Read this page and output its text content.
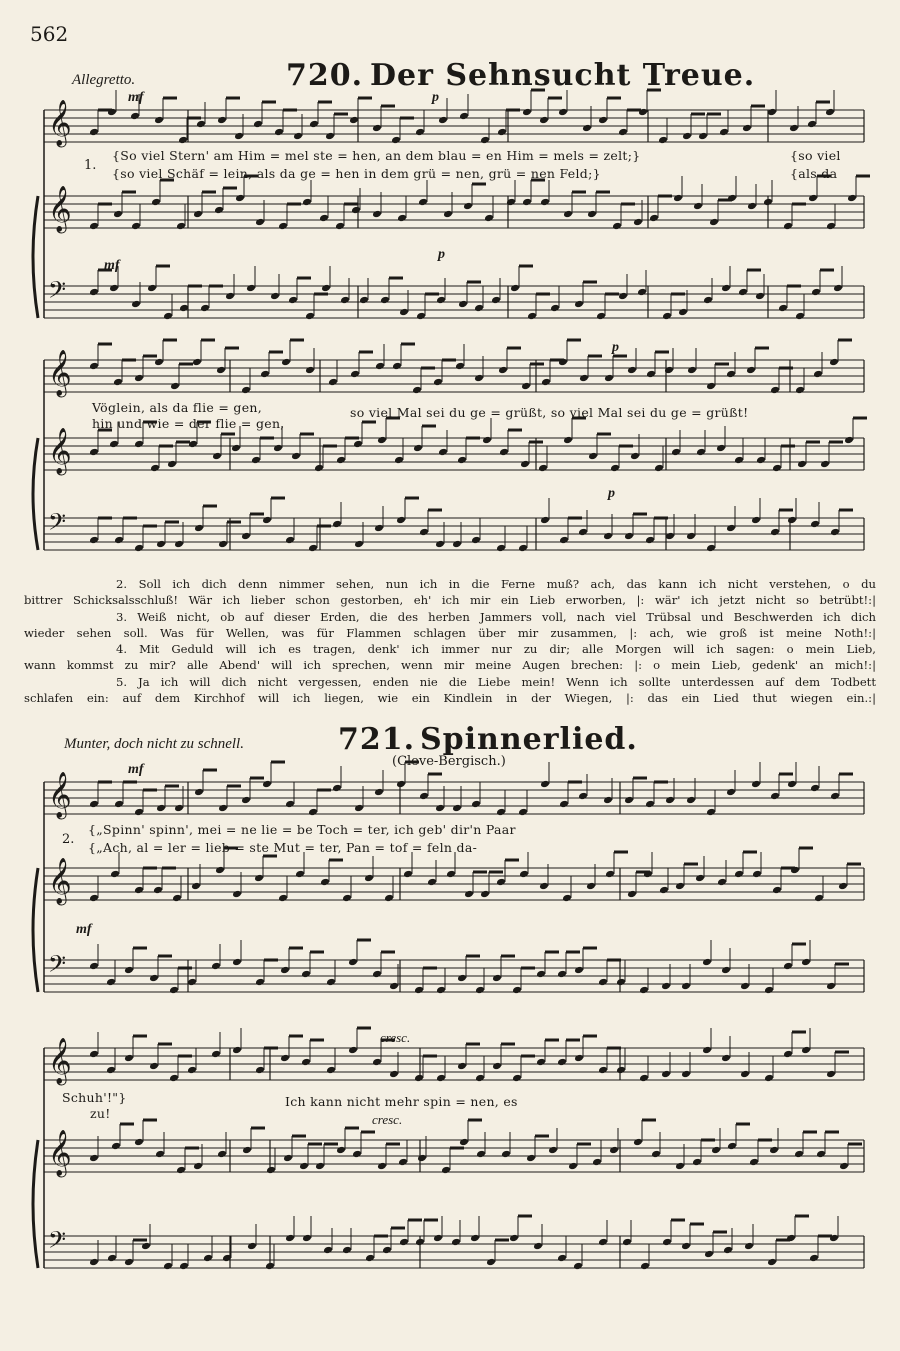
562
Allegretto.	720. Der Sehnsucht Treue.
mf	p
mf
p
p
p
1.
{So viel Stern' am Him = mel ste = hen, an dem blau = en Him = mels = zelt;}
{so viel Schäf = lein, als da ge = hen in dem grü = nen, grü = nen Feld;}
{so viel
{als da
Vöglein, als da flie = gen,
hin und wie = der flie = gen,
so viel Mal sei du ge = grüßt, so viel Mal sei du ge = grüßt!

2. Soll ich dich denn nimmer sehen, nun ich in die Ferne muß? ach, das kann ich nicht verstehen, o du

bittrer Schicksalsschluß! Wär ich lieber schon gestorben, eh' ich mir ein Lieb erworben, |: wär' ich jetzt nicht so betrübt!:|

3. Weiß nicht, ob auf dieser Erden, die des herben Jammers voll, nach viel Trübsal und Beschwerden ich dich

wieder sehen soll. Was für Wellen, was für Flammen schlagen über mir zusammen, |: ach, wie groß ist meine Noth!:|

4. Mit Geduld will ich es tragen, denk' ich immer nur zu dir; alle Morgen will ich sagen: o mein Lieb,

wann kommst zu mir? alle Abend' will ich sprechen, wenn mir meine Augen brechen: |: o mein Lieb, gedenk' an mich!:|

5. Ja ich will dich nicht vergessen, enden nie die Liebe mein! Wenn ich sollte unterdessen auf dem Todbett

schlafen ein: auf dem Kirchhof will ich liegen, wie ein Kindlein in der Wiegen, |: das ein Lied thut wiegen ein.:|

Munter, doch nicht zu schnell.	721. Spinnerlied.
(Cleve-Bergisch.)
mf
mf
cresc.
cresc.
2.
{„Spinn' spinn', mei = ne lie = be Toch = ter, ich geb' dir'n Paar
{„Ach, al = ler = lieb = ste Mut = ter, Pan = tof = feln da-
Schuh'!"}
zu!
Ich kann nicht mehr spin = nen, es
𝄞
𝄞
𝄢
𝄞
𝄞
𝄢
𝄞
𝄞
𝄢
𝄞
𝄞
𝄢
